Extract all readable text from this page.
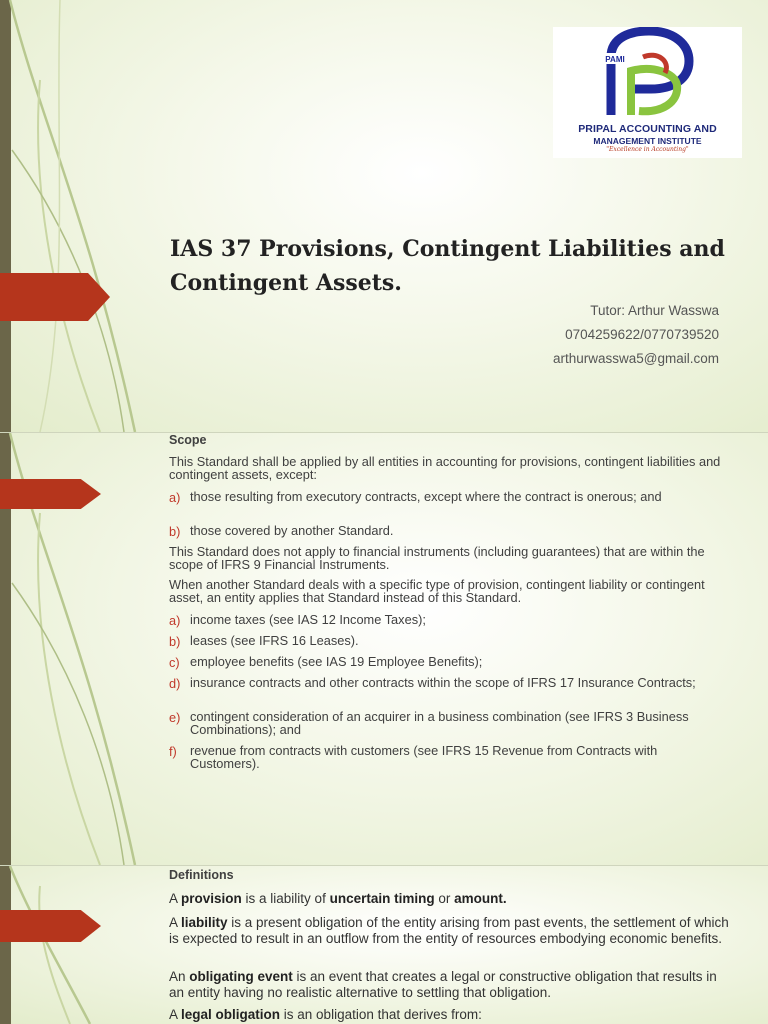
PAMI
PRIPAL ACCOUNTING AND
MANAGEMENT INSTITUTE
"Excellence in Accounting"
IAS 37 Provisions, Contingent Liabilities and Contingent Assets.
Tutor: Arthur Wasswa
0704259622/0770739520
arthurwasswa5@gmail.com
Scope
This Standard shall be applied by all entities in accounting for provisions, contingent liabilities and contingent assets, except:
a) those resulting from executory contracts, except where the contract is onerous; and
b) those covered by another Standard.
This Standard does not apply to financial instruments (including guarantees) that are within the scope of IFRS 9 Financial Instruments.
When another Standard deals with a specific type of provision, contingent liability or contingent asset, an entity applies that Standard instead of this Standard.
a) income taxes (see IAS 12 Income Taxes);
b) leases (see IFRS 16 Leases).
c) employee benefits (see IAS 19 Employee Benefits);
d) insurance contracts and other contracts within the scope of IFRS 17 Insurance Contracts;
e) contingent consideration of an acquirer in a business combination (see IFRS 3 Business Combinations); and
f) revenue from contracts with customers (see IFRS 15 Revenue from Contracts with Customers).
Definitions
A provision is a liability of uncertain timing or amount.
A liability is a present obligation of the entity arising from past events, the settlement of which is expected to result in an outflow from the entity of resources embodying economic benefits.
An obligating event is an event that creates a legal or constructive obligation that results in an entity having no realistic alternative to settling that obligation.
A legal obligation is an obligation that derives from:
